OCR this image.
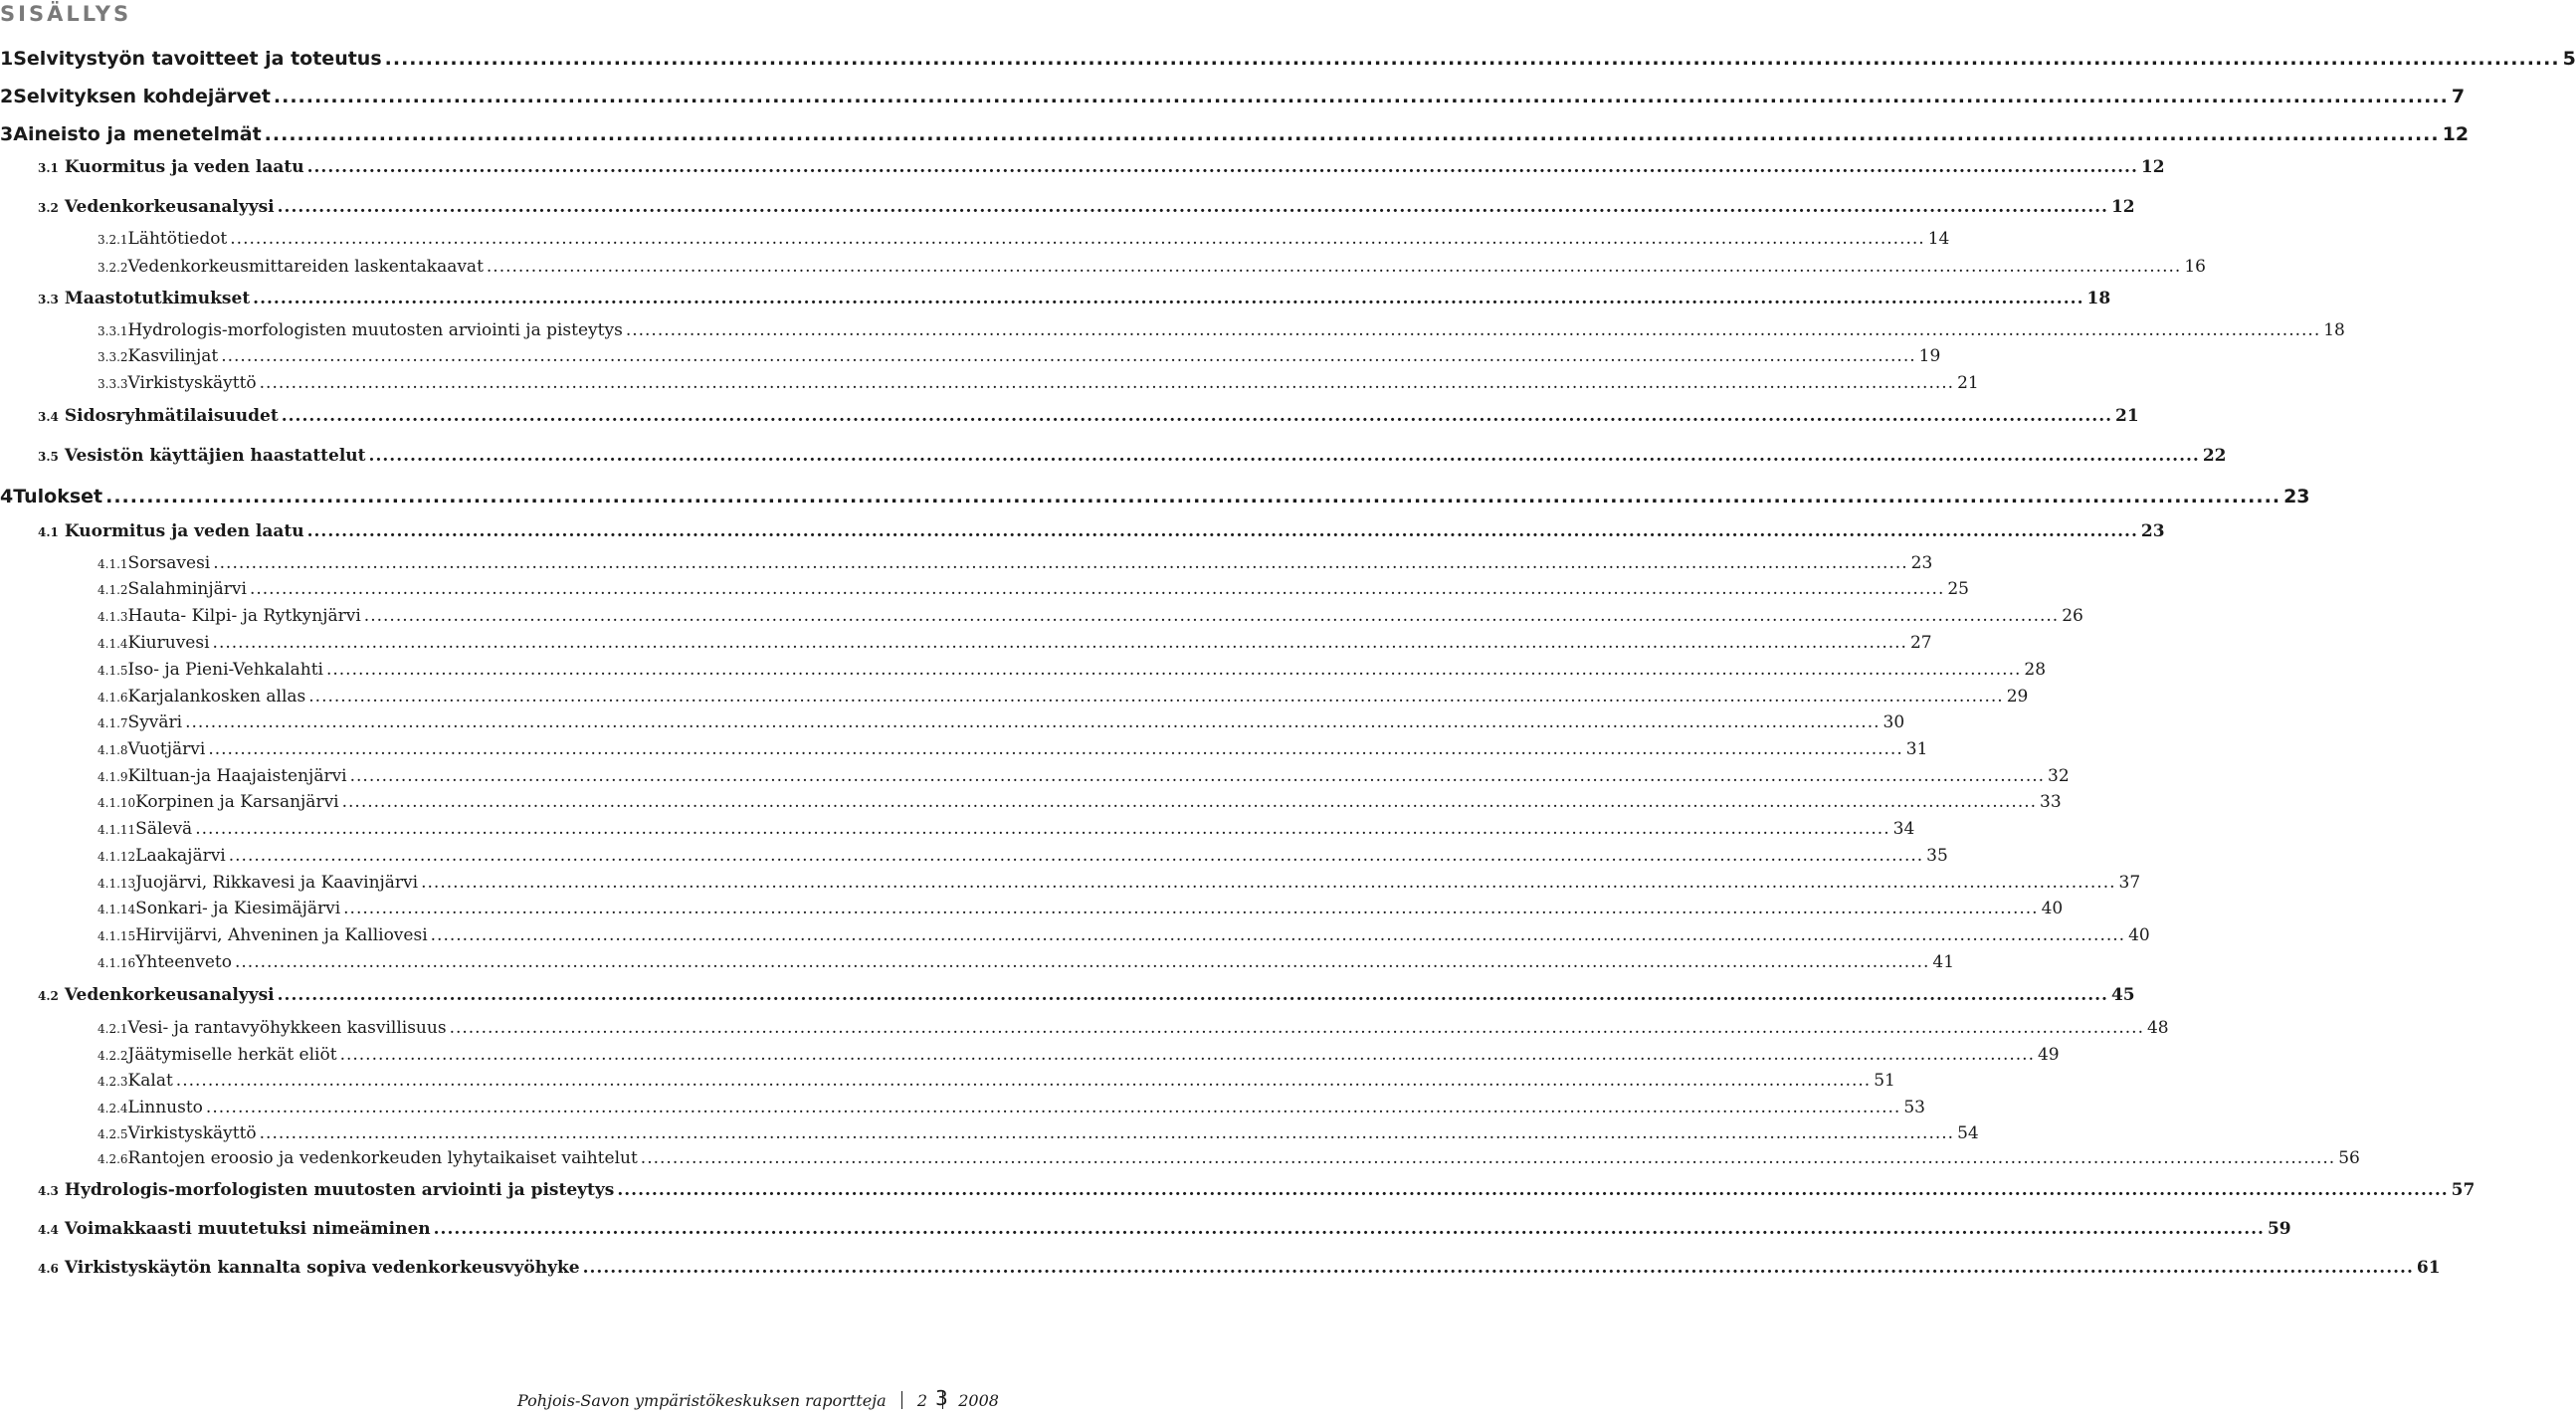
SISÄLLYS
1 Selvitystyön tavoitteet ja toteutus .....	5
2 Selvityksen kohdejärvet .....	7
3 Aineisto ja menetelmät .....	12
3.1 Kuormitus ja veden laatu .....	12
3.2 Vedenkorkeusanalyysi .....	12
3.2.1 Lähtötiedot .....	14
3.2.2 Vedenkorkeusmittareiden laskentakaavat .....	16
3.3 Maastotutkimukset .....	18
3.3.1 Hydrologis-morfologisten muutosten arviointi ja pisteytys .....	18
3.3.2 Kasvilinjat .....	19
3.3.3 Virkistyskäyttö .....	21
3.4 Sidosryhmätilaisuudet .....	21
3.5 Vesistön käyttäjien haastattelut .....	22
4 Tulokset .....	23
4.1 Kuormitus ja veden laatu .....	23
4.1.1 Sorsavesi .....	23
4.1.2 Salahminjärvi .....	25
4.1.3 Hauta- Kilpi- ja Rytkynjärvi .....	26
4.1.4 Kiuruvesi .....	27
4.1.5 Iso- ja Pieni-Vehkalahti .....	28
4.1.6 Karjalankosken allas .....	29
4.1.7 Syväri .....	30
4.1.8 Vuotjärvi .....	31
4.1.9 Kiltuan-ja Haajaistenjärvi .....	32
4.1.10 Korpinen ja Karsanjärvi .....	33
4.1.11 Sälevä .....	34
4.1.12 Laakajärvi .....	35
4.1.13 Juojärvi, Rikkavesi ja Kaavinjärvi .....	37
4.1.14 Sonkari- ja Kiesimäjärvi .....	40
4.1.15 Hirvijärvi, Ahveninen ja Kalliovesi .....	40
4.1.16 Yhteenveto .....	41
4.2 Vedenkorkeusanalyysi .....	45
4.2.1 Vesi- ja rantavyöhykkeen kasvillisuus .....	48
4.2.2 Jäätymiselle herkät eliöt .....	49
4.2.3 Kalat .....	51
4.2.4 Linnusto .....	53
4.2.5 Virkistyskäyttö .....	54
4.2.6 Rantojen eroosio ja vedenkorkeuden lyhytaikaiset vaihtelut .....	56
4.3 Hydrologis-morfologisten muutosten arviointi ja pisteytys .....	57
4.4 Voimakkaasti muutetuksi nimeäminen .....	59
4.6 Virkistyskäytön kannalta sopiva vedenkorkeusvyöhyke .....	61
Pohjois-Savon ympäristökeskuksen raportteja 2 2008
3
